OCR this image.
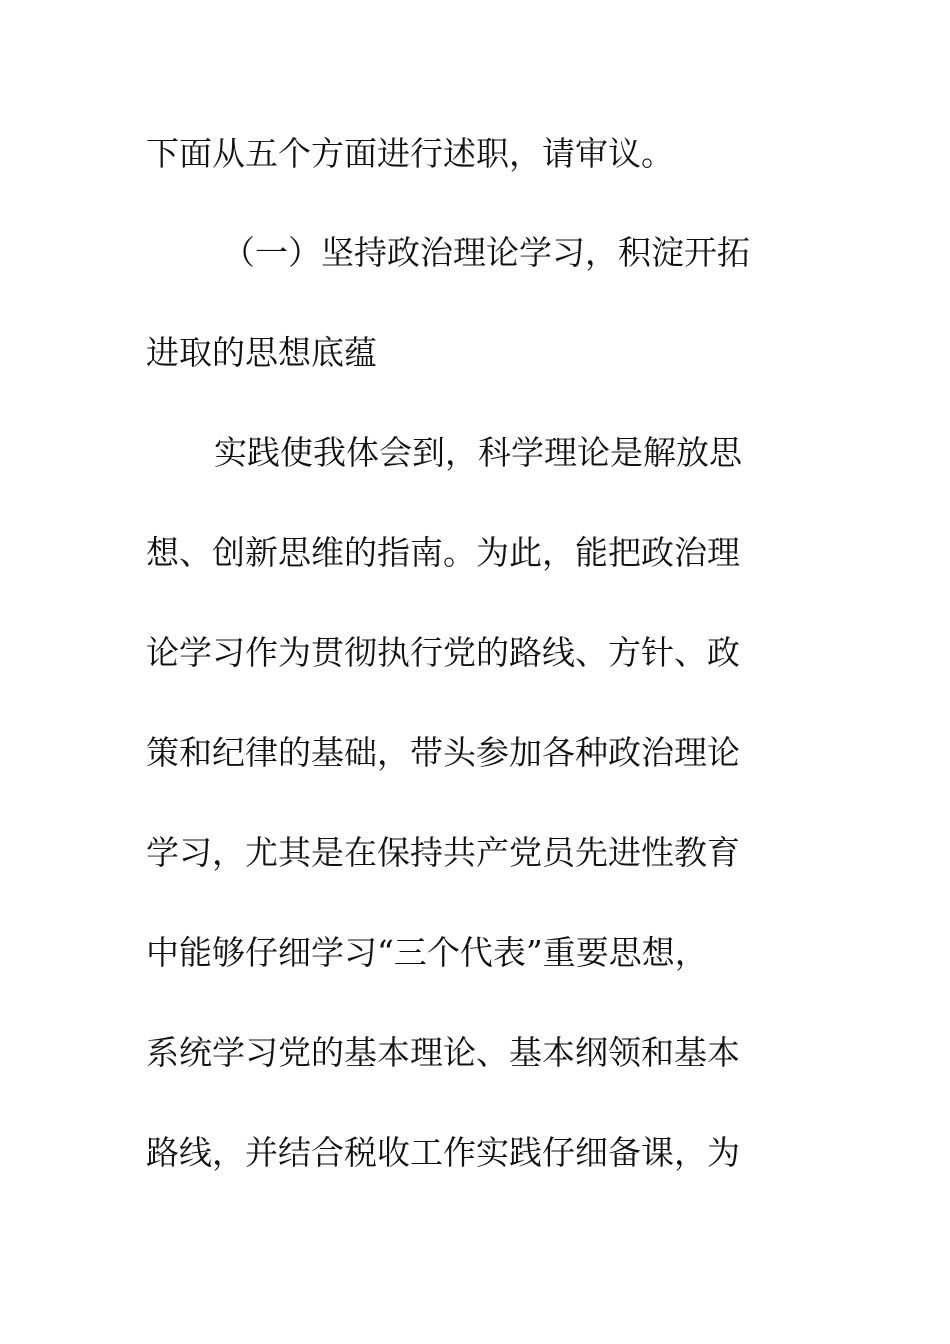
下面从五个方面进行述职，请审议。
（一）坚持政治理论学习，积淀开拓
进取的思想底蕴
实践使我体会到，科学理论是解放思
想、创新思维的指南。为此，能把政治理
论学习作为贯彻执行党的路线、方针、政
策和纪律的基础，带头参加各种政治理论
学习，尤其是在保持共产党员先进性教育
中能够仔细学习“三个代表”重要思想，
系统学习党的基本理论、基本纲领和基本
路线，并结合税收工作实践仔细备课，为
